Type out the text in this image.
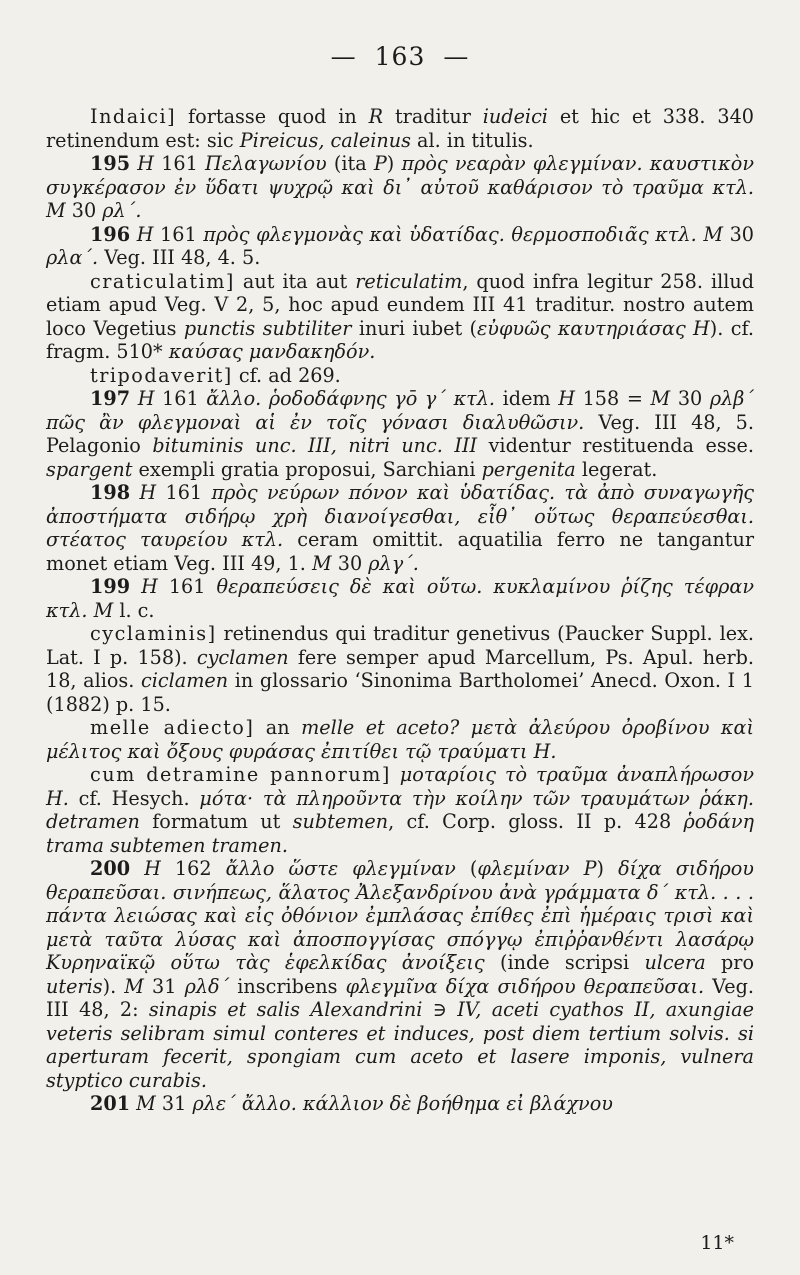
— 163 —

Indaici] fortasse quod in R traditur iudeici et hic et 338. 340 retinendum est: sic Pireicus, caleinus al. in titulis.

195 H 161 Πελαγωνίου (ita P) πρὸς νεαρὰν φλεγμίναν. καυστικὸν συγκέρασον ἐν ὕδατι ψυχρῷ καὶ δι᾽ αὐτοῦ καθάρισον τὸ τραῦμα κτλ. M 30 ρλ΄.

196 H 161 πρὸς φλεγμονὰς καὶ ὑδατίδας. θερμοσποδιᾶς κτλ. M 30 ρλα΄. Veg. III 48, 4. 5.

craticulatim] aut ita aut reticulatim, quod infra legitur 258. illud etiam apud Veg. V 2, 5, hoc apud eundem III 41 traditur. nostro autem loco Vegetius punctis subtiliter inuri iubet (εὐφυῶς καυτηριάσας H). cf. fragm. 510* καύσας μανδακηδόν.

tripodaverit] cf. ad 269.

197 H 161 ἄλλο. ῥοδοδάφνης γο̄ γ΄ κτλ. idem H 158 = M 30 ρλβ΄ πῶς ἂν φλεγμοναὶ αἱ ἐν τοῖς γόνασι διαλυθῶσιν. Veg. III 48, 5. Pelagonio bituminis unc. III, nitri unc. III videntur restituenda esse. spargent exempli gratia proposui, Sarchiani pergenita legerat.

198 H 161 πρὸς νεύρων πόνον καὶ ὑδατίδας. τὰ ἀπὸ συναγωγῆς ἀποστήματα σιδήρῳ χρὴ διανοίγεσθαι, εἶθ᾽ οὕτως θεραπεύεσθαι. στέατος ταυρείου κτλ. ceram omittit. aquatilia ferro ne tangantur monet etiam Veg. III 49, 1. M 30 ρλγ΄.

199 H 161 θεραπεύσεις δὲ καὶ οὕτω. κυκλαμίνου ῥίζης τέφραν κτλ. M l. c.

cyclaminis] retinendus qui traditur genetivus (Paucker Suppl. lex. Lat. I p. 158). cyclamen fere semper apud Marcellum, Ps. Apul. herb. 18, alios. ciclamen in glossario ‘Sinonima Bartholomei’ Anecd. Oxon. I 1 (1882) p. 15.

melle adiecto] an melle et aceto? μετὰ ἀλεύρου ὀροβίνου καὶ μέλιτος καὶ ὄξους φυράσας ἐπιτίθει τῷ τραύματι H.

cum detramine pannorum] μοταρίοις τὸ τραῦμα ἀναπλήρωσον H. cf. Hesych. μότα· τὰ πληροῦντα τὴν κοίλην τῶν τραυμάτων ῥάκη. detramen formatum ut subtemen, cf. Corp. gloss. II p. 428 ῥοδάνη trama subtemen tramen.

200 H 162 ἄλλο ὥστε φλεγμίναν (φλεμίναν P) δίχα σιδήρου θεραπεῦσαι. σινήπεως, ἅλατος Ἀλεξανδρίνου ἀνὰ γράμματα δ΄ κτλ. . . . πάντα λειώσας καὶ εἰς ὀθόνιον ἐμπλάσας ἐπίθες ἐπὶ ἡμέραις τρισὶ καὶ μετὰ ταῦτα λύσας καὶ ἀποσπογγίσας σπόγγῳ ἐπιῤῥανθέντι λασάρῳ Κυρηναϊκῷ οὕτω τὰς ἑφελκίδας ἀνοίξεις (inde scripsi ulcera pro uteris). M 31 ρλδ΄ inscribens φλεγμῖνα δίχα σιδήρου θεραπεῦσαι. Veg. III 48, 2: sinapis et salis Alexandrini ∋ IV, aceti cyathos II, axungiae veteris selibram simul conteres et induces, post diem tertium solvis. si aperturam fecerit, spongiam cum aceto et lasere imponis, vulnera styptico curabis.

201 M 31 ρλε΄ ἄλλο. κάλλιον δὲ βοήθημα εἰ βλάχνου

11*
